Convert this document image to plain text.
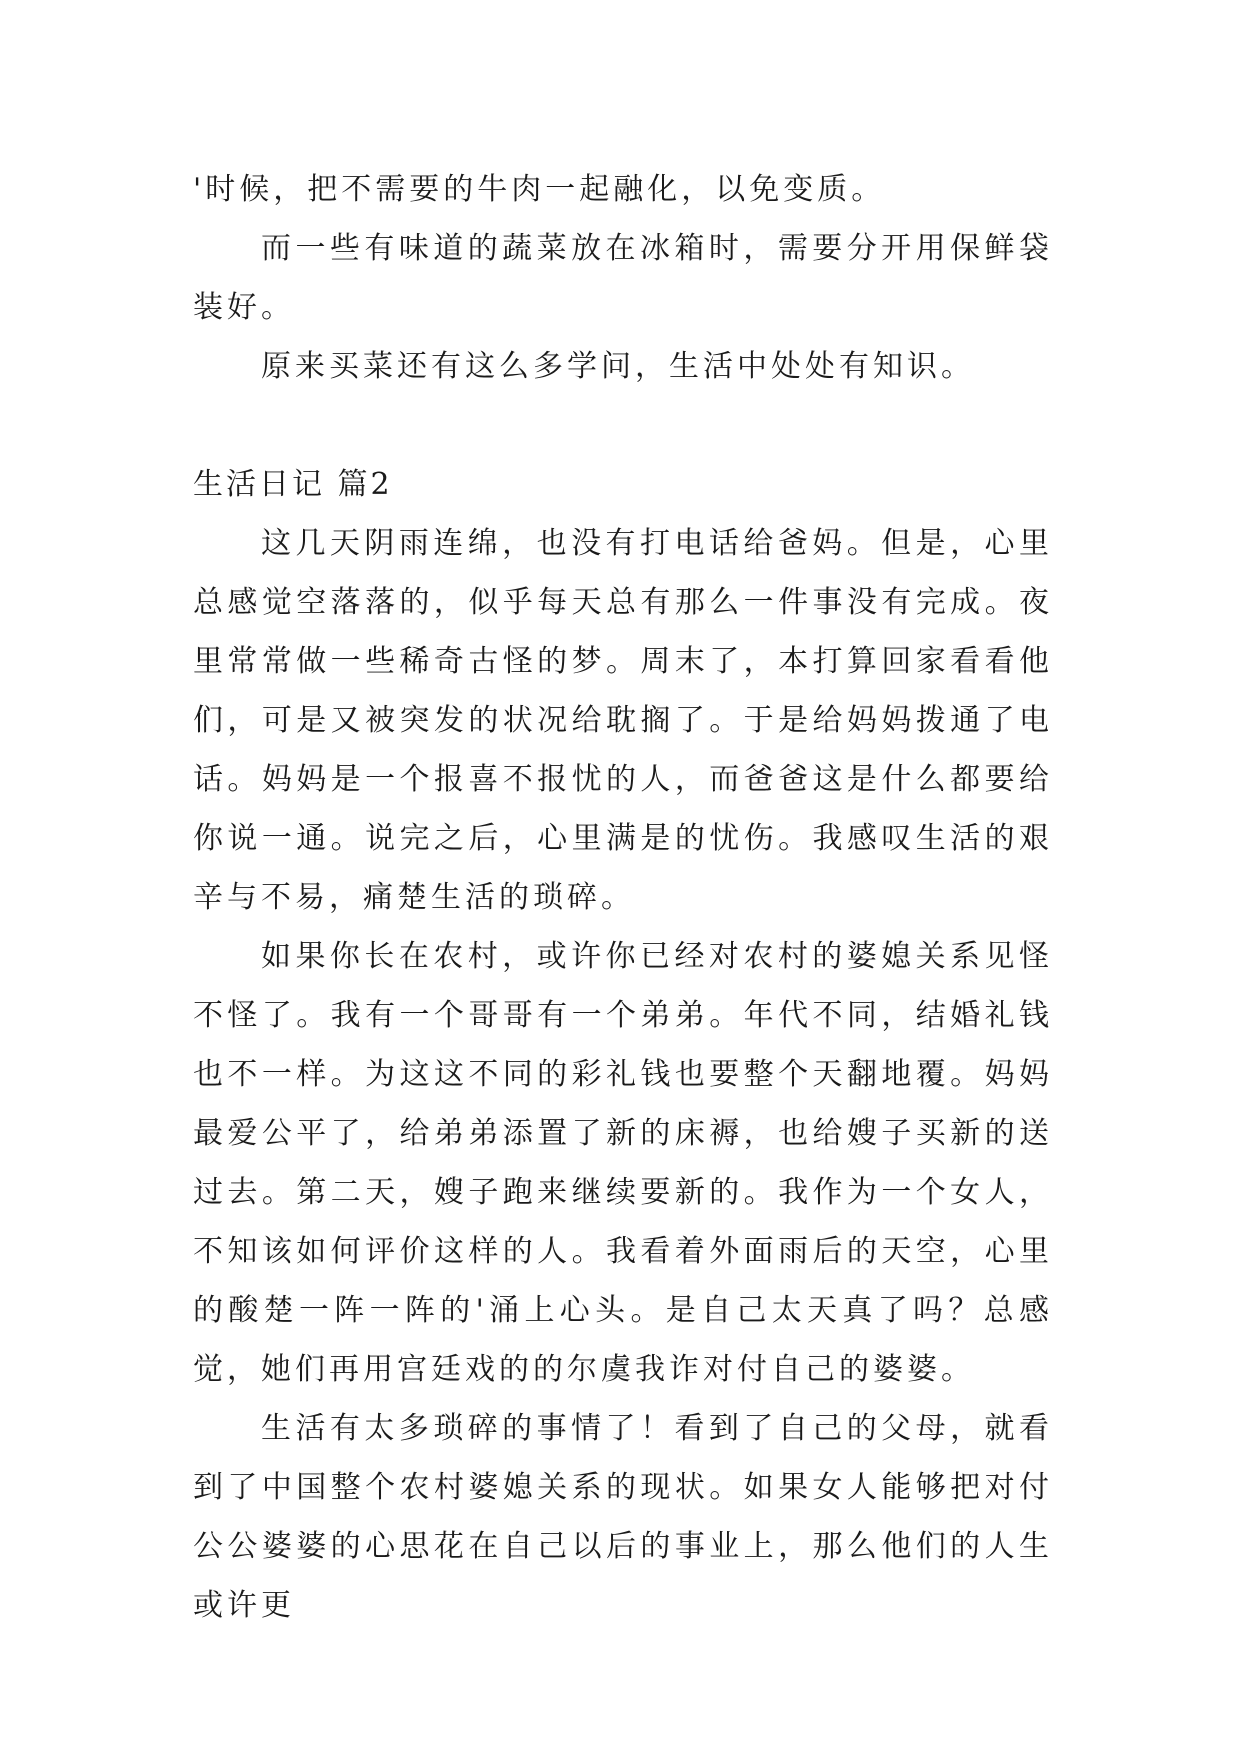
'时候，把不需要的牛肉一起融化，以免变质。

而一些有味道的蔬菜放在冰箱时，需要分开用保鲜袋装好。

原来买菜还有这么多学问，生活中处处有知识。

生活日记 篇2

这几天阴雨连绵，也没有打电话给爸妈。但是，心里总感觉空落落的，似乎每天总有那么一件事没有完成。夜里常常做一些稀奇古怪的梦。周末了，本打算回家看看他们，可是又被突发的状况给耽搁了。于是给妈妈拨通了电话。妈妈是一个报喜不报忧的人，而爸爸这是什么都要给你说一通。说完之后，心里满是的忧伤。我感叹生活的艰辛与不易，痛楚生活的琐碎。

如果你长在农村，或许你已经对农村的婆媳关系见怪不怪了。我有一个哥哥有一个弟弟。年代不同，结婚礼钱也不一样。为这这不同的彩礼钱也要整个天翻地覆。妈妈最爱公平了，给弟弟添置了新的床褥，也给嫂子买新的送过去。第二天，嫂子跑来继续要新的。我作为一个女人，不知该如何评价这样的人。我看着外面雨后的天空，心里的酸楚一阵一阵的'涌上心头。是自己太天真了吗？总感觉，她们再用宫廷戏的的尔虞我诈对付自己的婆婆。

生活有太多琐碎的事情了！看到了自己的父母，就看到了中国整个农村婆媳关系的现状。如果女人能够把对付公公婆婆的心思花在自己以后的事业上，那么他们的人生或许更
